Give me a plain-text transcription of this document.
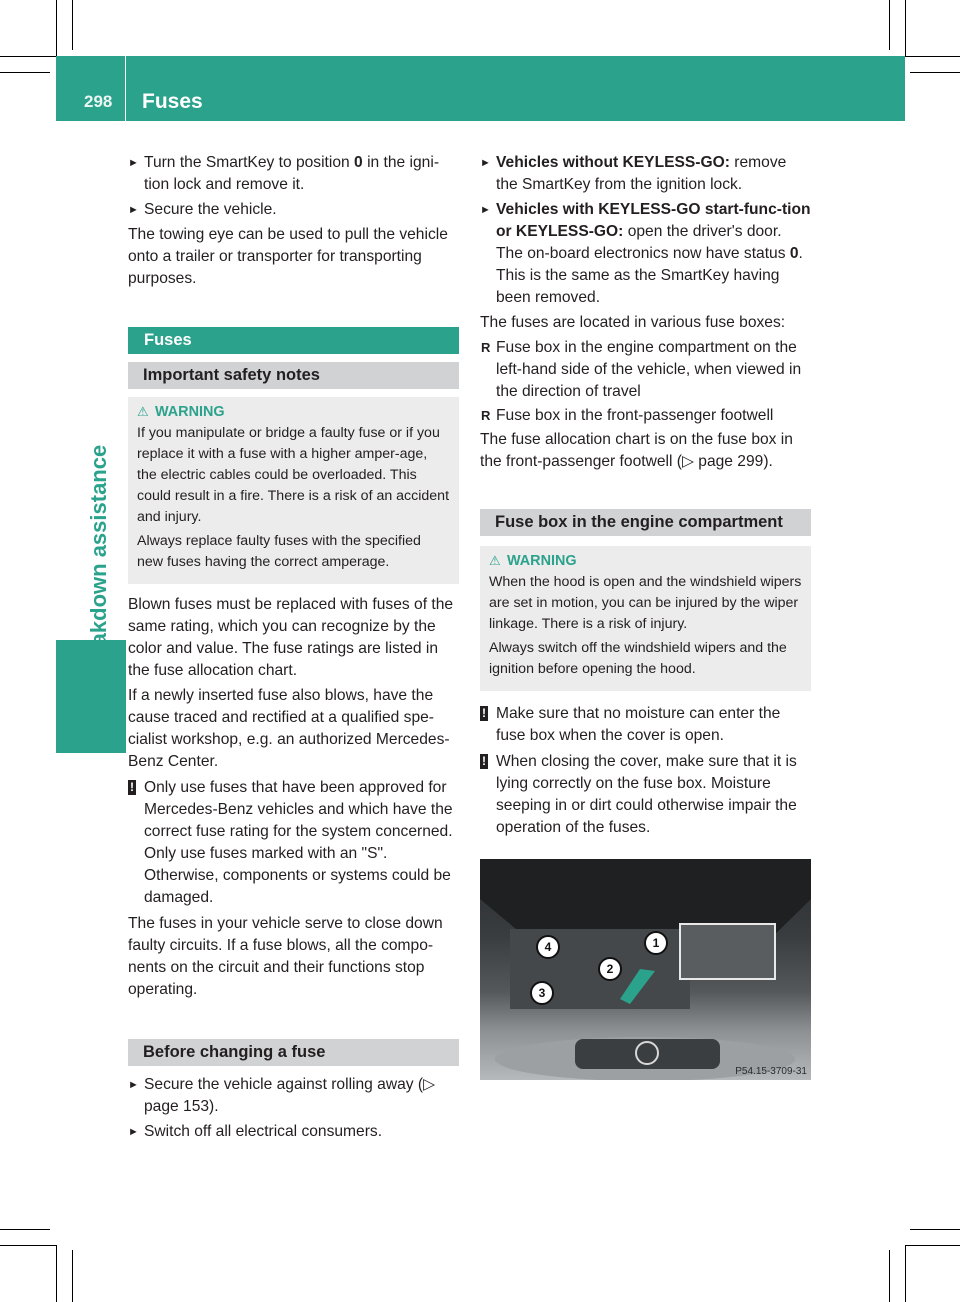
298	Fuses
Breakdown assistance
► Turn the SmartKey to position 0 in the igni-tion lock and remove it.
► Secure the vehicle.

The towing eye can be used to pull the vehicle onto a trailer or transporter for transporting purposes.

Fuses
Important safety notes
⚠ WARNING

If you manipulate or bridge a faulty fuse or if you replace it with a fuse with a higher amper-age, the electric cables could be overloaded. This could result in a fire. There is a risk of an accident and injury.

Always replace faulty fuses with the specified new fuses having the correct amperage.

Blown fuses must be replaced with fuses of the same rating, which you can recognize by the color and value. The fuse ratings are listed in the fuse allocation chart.

If a newly inserted fuse also blows, have the cause traced and rectified at a qualified spe-cialist workshop, e.g. an authorized Mercedes-Benz Center.

! Only use fuses that have been approved for Mercedes-Benz vehicles and which have the correct fuse rating for the system concerned. Only use fuses marked with an "S". Otherwise, components or systems could be damaged.

The fuses in your vehicle serve to close down faulty circuits. If a fuse blows, all the compo-nents on the circuit and their functions stop operating.

Before changing a fuse
► Secure the vehicle against rolling away (▷ page 153).
► Switch off all electrical consumers.
► Vehicles without KEYLESS-GO: remove the SmartKey from the ignition lock.
► Vehicles with KEYLESS-GO start-func-tion or KEYLESS-GO: open the driver's door.
The on-board electronics now have status 0. This is the same as the SmartKey having been removed.

The fuses are located in various fuse boxes:

R Fuse box in the engine compartment on the left-hand side of the vehicle, when viewed in the direction of travel
R Fuse box in the front-passenger footwell

The fuse allocation chart is on the fuse box in the front-passenger footwell (▷ page 299).

Fuse box in the engine compartment
⚠ WARNING

When the hood is open and the windshield wipers are set in motion, you can be injured by the wiper linkage. There is a risk of injury.

Always switch off the windshield wipers and the ignition before opening the hood.

! Make sure that no moisture can enter the fuse box when the cover is open.
! When closing the cover, make sure that it is lying correctly on the fuse box. Moisture seeping in or dirt could otherwise impair the operation of the fuses.
1
2
3
4
P54.15-3709-31
